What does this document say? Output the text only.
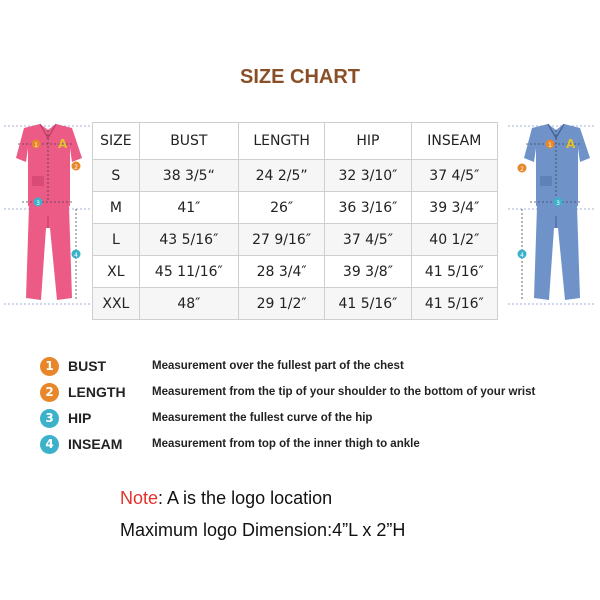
SIZE CHART
1 A
2
3
4
1 A
2
3
4
SIZE	BUST	LENGTH	HIP	INSEAM
S	38 3/5“	24 2/5”	32 3/10″	37 4/5″
M	41″	26″	36 3/16″	39 3/4″
L	43 5/16″	27 9/16″	37 4/5″	40 1/2″
XL	45 11/16″	28 3/4″	39 3/8″	41 5/16″
XXL	48″	29 1/2″	41 5/16″	41 5/16″
1	BUST	Measurement over the fullest part of the chest
2	LENGTH Measurement from the tip of your shoulder to the bottom of your wrist
3	HIP	Measurement the fullest curve of the hip
4	INSEAM	Measurement from top of the inner thigh to ankle
Note: A is the logo location
Maximum logo Dimension:4”L x 2”H
